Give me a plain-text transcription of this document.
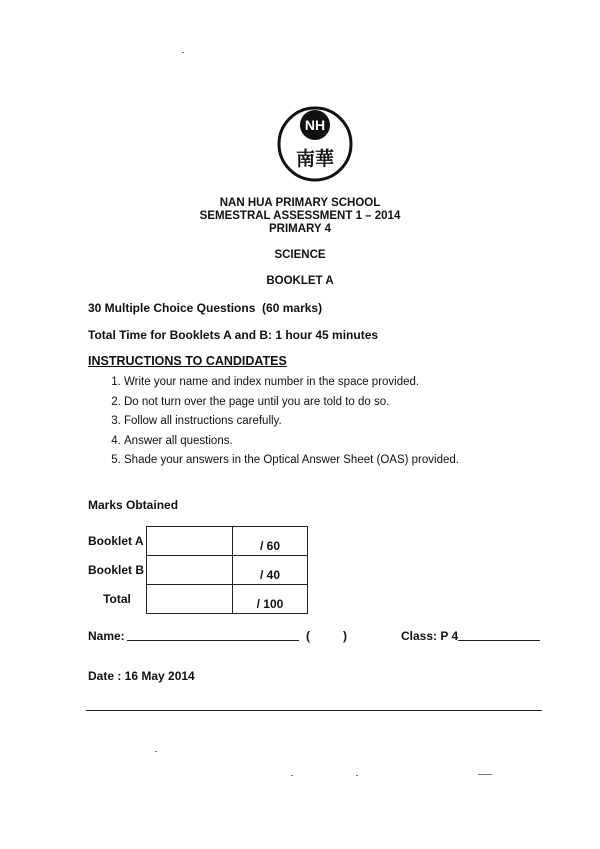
NH
南華
NAN HUA PRIMARY SCHOOL
SEMESTRAL ASSESSMENT 1 – 2014
PRIMARY 4
SCIENCE
BOOKLET A
30 Multiple Choice Questions (60 marks)
Total Time for Booklets A and B: 1 hour 45 minutes
INSTRUCTIONS TO CANDIDATES
1. Write your name and index number in the space provided.
2. Do not turn over the page until you are told to do so.
3. Follow all instructions carefully.
4. Answer all questions.
5. Shade your answers in the Optical Answer Sheet (OAS) provided.
Marks Obtained
Booklet A		/ 60
Booklet B		/ 40
Total		/ 100
Name:	(	)	Class: P 4
Date : 16 May 2014
